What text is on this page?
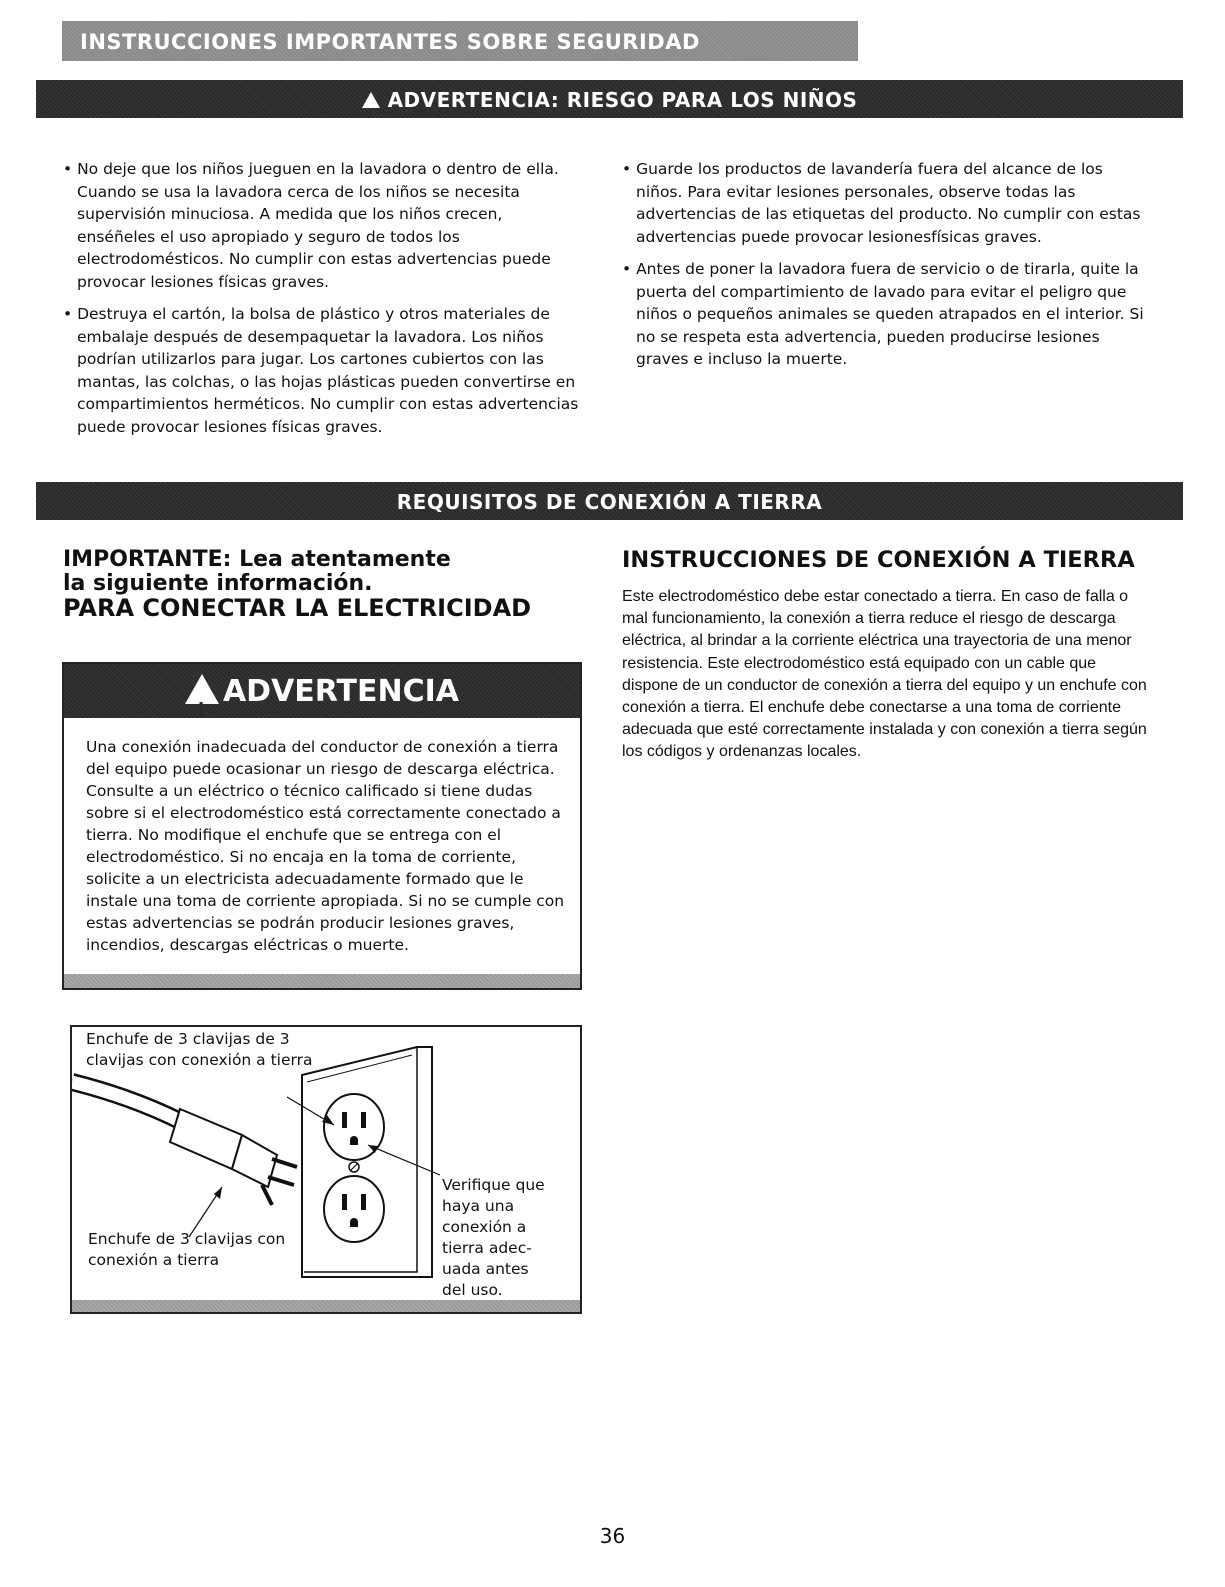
INSTRUCCIONES IMPORTANTES SOBRE SEGURIDAD
!ADVERTENCIA: RIESGO PARA LOS NIÑOS

• No deje que los niños jueguen en la lavadora o dentro de ella. Cuando se usa la lavadora cerca de los niños se necesita supervisión minuciosa. A medida que los niños crecen, enséñeles el uso apropiado y seguro de todos los electrodomésticos. No cumplir con estas advertencias puede provocar lesiones físicas graves.

• Destruya el cartón, la bolsa de plástico y otros materiales de embalaje después de desempaquetar la lavadora. Los niños podrían utilizarlos para jugar. Los cartones cubiertos con las mantas, las colchas, o las hojas plásticas pueden convertirse en compartimientos herméticos. No cumplir con estas advertencias puede provocar lesiones físicas graves.

• Guarde los productos de lavandería fuera del alcance de los niños. Para evitar lesiones personales, observe todas las advertencias de las etiquetas del producto. No cumplir con estas advertencias puede provocar lesionesfísicas graves.

• Antes de poner la lavadora fuera de servicio o de tirarla, quite la puerta del compartimiento de lavado para evitar el peligro que niños o pequeños animales se queden atrapados en el interior. Si no se respeta esta advertencia, pueden producirse lesiones graves e incluso la muerte.

REQUISITOS DE CONEXIÓN A TIERRA
IMPORTANTE: Lea atentamente
la siguiente información.
PARA CONECTAR LA ELECTRICIDAD
!ADVERTENCIA
Una conexión inadecuada del conductor de conexión a tierra del equipo puede ocasionar un riesgo de descarga eléctrica. Consulte a un eléctrico o técnico calificado si tiene dudas sobre si el electrodoméstico está correctamente conectado a tierra. No modifique el enchufe que se entrega con el electrodoméstico. Si no encaja en la toma de corriente, solicite a un electricista adecuadamente formado que le instale una toma de corriente apropiada. Si no se cumple con estas advertencias se podrán producir lesiones graves, incendios, descargas eléctricas o muerte.
Enchufe de 3 clavijas de 3 clavijas con conexión a tierra
Enchufe de 3 clavijas con conexión a tierra
Verifique que haya una conexión a tierra adec- uada antes del uso.
INSTRUCCIONES DE CONEXIÓN A TIERRA
Este electrodoméstico debe estar conectado a tierra. En caso de falla o mal funcionamiento, la conexión a tierra reduce el riesgo de descarga eléctrica, al brindar a la corriente eléctrica una trayectoria de una menor resistencia. Este electrodoméstico está equipado con un cable que dispone de un conductor de conexión a tierra del equipo y un enchufe con conexión a tierra. El enchufe debe conectarse a una toma de corriente adecuada que esté correctamente instalada y con conexión a tierra según los códigos y ordenanzas locales.
36
